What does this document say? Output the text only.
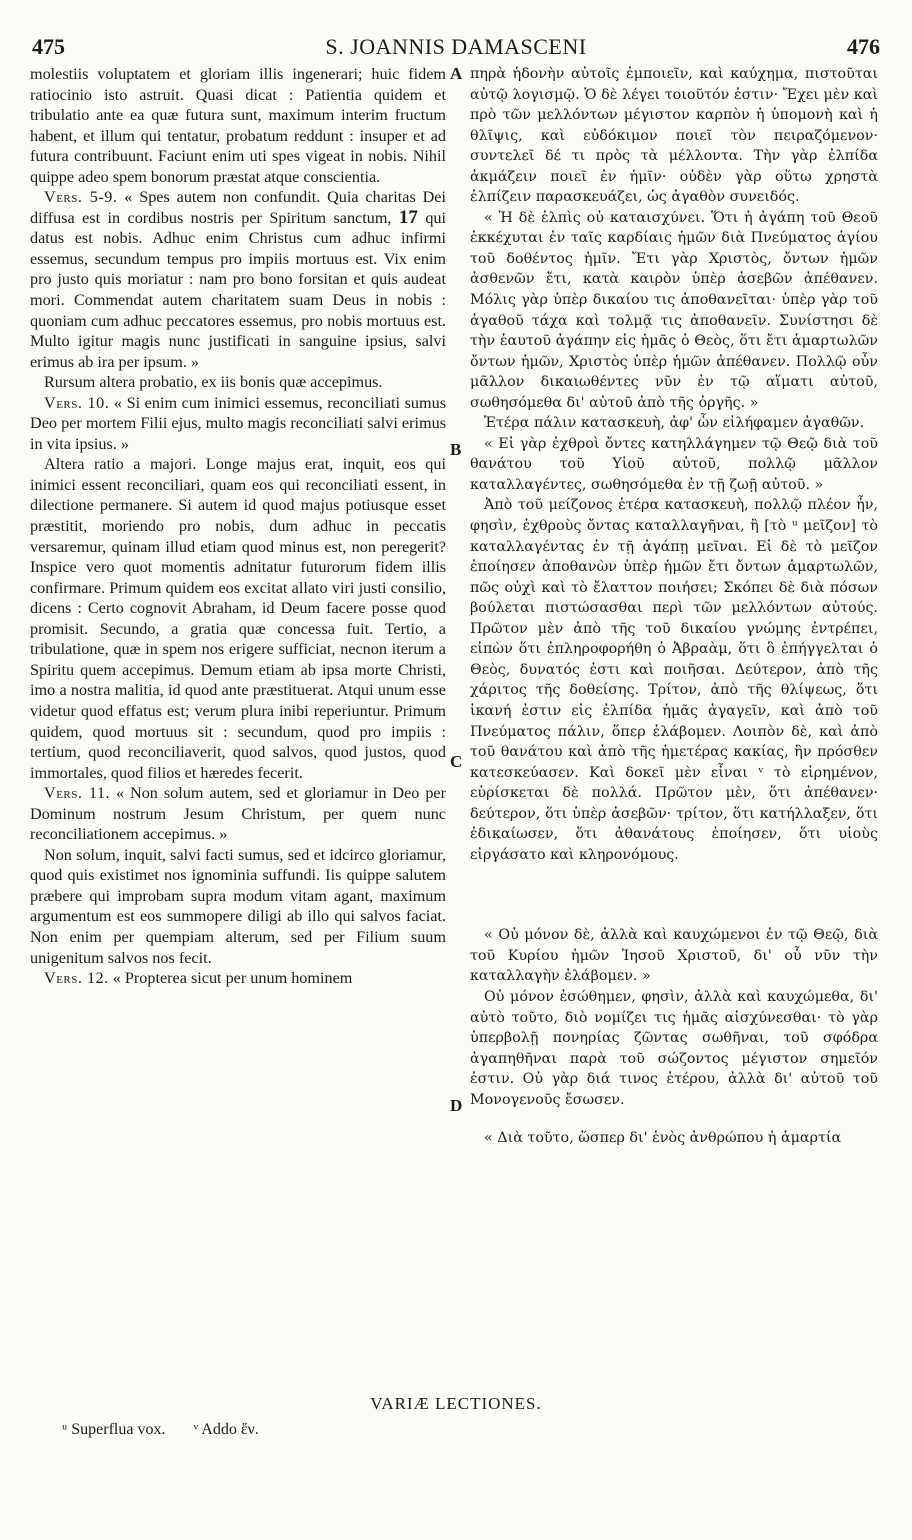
475	S. JOANNIS DAMASCENI	476

molestiis voluptatem et gloriam illis ingenerari; huic fidem ratiocinio isto astruit. Quasi dicat : Patientia quidem et tribulatio ante ea quæ futura sunt, maximum interim fructum habent, et illum qui tentatur, probatum reddunt : insuper et ad futura contribuunt. Faciunt enim uti spes vigeat in nobis. Nihil quippe adeo spem bonorum præstat atque conscientia.

Vers. 5-9. « Spes autem non confundit. Quia charitas Dei diffusa est in cordibus nostris per Spiritum sanctum, 17 qui datus est nobis. Adhuc enim Christus cum adhuc infirmi essemus, secundum tempus pro impiis mortuus est. Vix enim pro justo quis moriatur : nam pro bono forsitan et quis audeat mori. Commendat autem charitatem suam Deus in nobis : quoniam cum adhuc peccatores essemus, pro nobis mortuus est. Multo igitur magis nunc justificati in sanguine ipsius, salvi erimus ab ira per ipsum. »

Rursum altera probatio, ex iis bonis quæ accepimus.

Vers. 10. « Si enim cum inimici essemus, reconciliati sumus Deo per mortem Filii ejus, multo magis reconciliati salvi erimus in vita ipsius. »

Altera ratio a majori. Longe majus erat, inquit, eos qui inimici essent reconciliari, quam eos qui reconciliati essent, in dilectione permanere. Si autem id quod majus potiusque esset præstitit, moriendo pro nobis, dum adhuc in peccatis versaremur, quinam illud etiam quod minus est, non peregerit? Inspice vero quot momentis adnitatur futurorum fidem illis confirmare. Primum quidem eos excitat allato viri justi consilio, dicens : Certo cognovit Abraham, id Deum facere posse quod promisit. Secundo, a gratia quæ concessa fuit. Tertio, a tribulatione, quæ in spem nos erigere sufficiat, necnon iterum a Spiritu quem accepimus. Demum etiam ab ipsa morte Christi, imo a nostra malitia, id quod ante præstituerat. Atqui unum esse videtur quod effatus est; verum plura inibi reperiuntur. Primum quidem, quod mortuus sit : secundum, quod pro impiis : tertium, quod reconciliaverit, quod salvos, quod justos, quod immortales, quod filios et hæredes fecerit.

Vers. 11. « Non solum autem, sed et gloriamur in Deo per Dominum nostrum Jesum Christum, per quem nunc reconciliationem accepimus. »

Non solum, inquit, salvi facti sumus, sed et idcirco gloriamur, quod quis existimet nos ignominia suffundi. Iis quippe salutem præbere qui improbam supra modum vitam agant, maximum argumentum est eos summopere diligi ab illo qui salvos faciat. Non enim per quempiam alterum, sed per Filium suum unigenitum salvos nos fecit.

Vers. 12. « Propterea sicut per unum hominem

A
B
C
D

πηρὰ ἡδονὴν αὐτοῖς ἐμποιεῖν, καὶ καύχημα, πιστοῦται αὐτῷ λογισμῷ. Ὁ δὲ λέγει τοιοῦτόν ἐστιν· Ἔχει μὲν καὶ πρὸ τῶν μελλόντων μέγιστον καρπὸν ἡ ὑπομονὴ καὶ ἡ θλῖψις, καὶ εὐδόκιμον ποιεῖ τὸν πειραζόμενον· συντελεῖ δέ τι πρὸς τὰ μέλλοντα. Τὴν γὰρ ἐλπίδα ἀκμάζειν ποιεῖ ἐν ἡμῖν· οὐδὲν γὰρ οὕτω χρηστὰ ἐλπίζειν παρασκευάζει, ὡς ἀγαθὸν συνειδός.

« Ἡ δὲ ἐλπὶς οὐ καταισχύνει. Ὅτι ἡ ἀγάπη τοῦ Θεοῦ ἐκκέχυται ἐν ταῖς καρδίαις ἡμῶν διὰ Πνεύματος ἁγίου τοῦ δοθέντος ἡμῖν. Ἔτι γὰρ Χριστὸς, ὄντων ἡμῶν ἀσθενῶν ἔτι, κατὰ καιρὸν ὑπὲρ ἀσεβῶν ἀπέθανεν. Μόλις γὰρ ὑπὲρ δικαίου τις ἀποθανεῖται· ὑπὲρ γὰρ τοῦ ἀγαθοῦ τάχα καὶ τολμᾷ τις ἀποθανεῖν. Συνίστησι δὲ τὴν ἑαυτοῦ ἀγάπην εἰς ἡμᾶς ὁ Θεὸς, ὅτι ἔτι ἁμαρτωλῶν ὄντων ἡμῶν, Χριστὸς ὑπὲρ ἡμῶν ἀπέθανεν. Πολλῷ οὖν μᾶλλον δικαιωθέντες νῦν ἐν τῷ αἵματι αὐτοῦ, σωθησόμεθα δι' αὐτοῦ ἀπὸ τῆς ὀργῆς. »

Ἑτέρα πάλιν κατασκευὴ, ἀφ' ὧν εἰλήφαμεν ἀγαθῶν.

« Εἰ γὰρ ἐχθροὶ ὄντες κατηλλάγημεν τῷ Θεῷ διὰ τοῦ θανάτου τοῦ Υἱοῦ αὐτοῦ, πολλῷ μᾶλλον καταλλαγέντες, σωθησόμεθα ἐν τῇ ζωῇ αὐτοῦ. »

Ἀπὸ τοῦ μείζονος ἑτέρα κατασκευὴ, πολλῷ πλέον ἦν, φησὶν, ἐχθροὺς ὄντας καταλλαγῆναι, ἢ [τὸ ᵘ μεῖζον] τὸ καταλλαγέντας ἐν τῇ ἀγάπῃ μεῖναι. Εἰ δὲ τὸ μεῖζον ἐποίησεν ἀποθανὼν ὑπὲρ ἡμῶν ἔτι ὄντων ἁμαρτωλῶν, πῶς οὐχὶ καὶ τὸ ἔλαττον ποιήσει; Σκόπει δὲ διὰ πόσων βούλεται πιστώσασθαι περὶ τῶν μελλόντων αὐτούς. Πρῶτον μὲν ἀπὸ τῆς τοῦ δικαίου γνώμης ἐντρέπει, εἰπὼν ὅτι ἐπληροφορήθη ὁ Ἀβραὰμ, ὅτι ὃ ἐπήγγελται ὁ Θεὸς, δυνατός ἐστι καὶ ποιῆσαι. Δεύτερον, ἀπὸ τῆς χάριτος τῆς δοθείσης. Τρίτον, ἀπὸ τῆς θλίψεως, ὅτι ἱκανή ἐστιν εἰς ἐλπίδα ἡμᾶς ἀγαγεῖν, καὶ ἀπὸ τοῦ Πνεύματος πάλιν, ὅπερ ἐλάβομεν. Λοιπὸν δὲ, καὶ ἀπὸ τοῦ θανάτου καὶ ἀπὸ τῆς ἡμετέρας κακίας, ἣν πρόσθεν κατεσκεύασεν. Καὶ δοκεῖ μὲν εἶναι ᵛ τὸ εἰρημένον, εὑρίσκεται δὲ πολλά. Πρῶτον μὲν, ὅτι ἀπέθανεν· δεύτερον, ὅτι ὑπὲρ ἀσεβῶν· τρίτον, ὅτι κατήλλαξεν, ὅτι ἐδικαίωσεν, ὅτι ἀθανάτους ἐποίησεν, ὅτι υἱοὺς εἰργάσατο καὶ κληρονόμους.

« Οὐ μόνον δὲ, ἀλλὰ καὶ καυχώμενοι ἐν τῷ Θεῷ, διὰ τοῦ Κυρίου ἡμῶν Ἰησοῦ Χριστοῦ, δι' οὗ νῦν τὴν καταλλαγὴν ἐλάβομεν. »

Οὐ μόνον ἐσώθημεν, φησὶν, ἀλλὰ καὶ καυχώμεθα, δι' αὐτὸ τοῦτο, διὸ νομίζει τις ἡμᾶς αἰσχύνεσθαι· τὸ γὰρ ὑπερβολῇ πονηρίας ζῶντας σωθῆναι, τοῦ σφόδρα ἀγαπηθῆναι παρὰ τοῦ σώζοντος μέγιστον σημεῖόν ἐστιν. Οὐ γὰρ διά τινος ἑτέρου, ἀλλὰ δι' αὐτοῦ τοῦ Μονογενοῦς ἔσωσεν.

« Διὰ τοῦτο, ὥσπερ δι' ἑνὸς ἀνθρώπου ἡ ἁμαρτία

VARIÆ LECTIONES.
ᵘ Superflua vox. ᵛ Addo ἕν.
